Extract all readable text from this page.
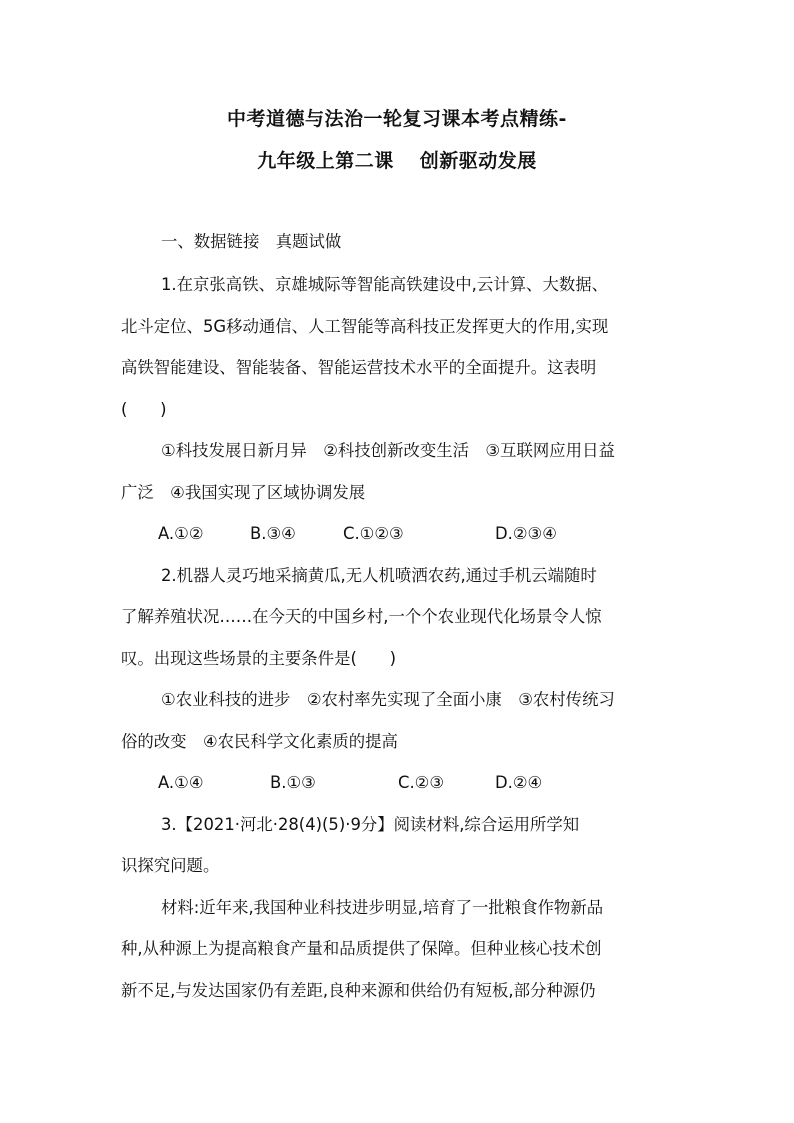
中考道德与法治一轮复习课本考点精练-
九年级上第二课 创新驱动发展
一、数据链接　真题试做
1.在京张高铁、京雄城际等智能高铁建设中,云计算、大数据、
北斗定位、5G移动通信、人工智能等高科技正发挥更大的作用,实现
高铁智能建设、智能装备、智能运营技术水平的全面提升。这表明
(　　)
①科技发展日新月异　②科技创新改变生活　③互联网应用日益
广泛　④我国实现了区域协调发展
A.①②	B.③④	C.①②③	D.②③④
2.机器人灵巧地采摘黄瓜,无人机喷洒农药,通过手机云端随时
了解养殖状况……在今天的中国乡村,一个个农业现代化场景令人惊
叹。出现这些场景的主要条件是(　　)
①农业科技的进步　②农村率先实现了全面小康　③农村传统习
俗的改变　④农民科学文化素质的提高
A.①④	B.①③	C.②③	D.②④
3.【2021·河北·28(4)(5)·9分】阅读材料,综合运用所学知
识探究问题。
材料:近年来,我国种业科技进步明显,培育了一批粮食作物新品
种,从种源上为提高粮食产量和品质提供了保障。但种业核心技术创
新不足,与发达国家仍有差距,良种来源和供给仍有短板,部分种源仍
